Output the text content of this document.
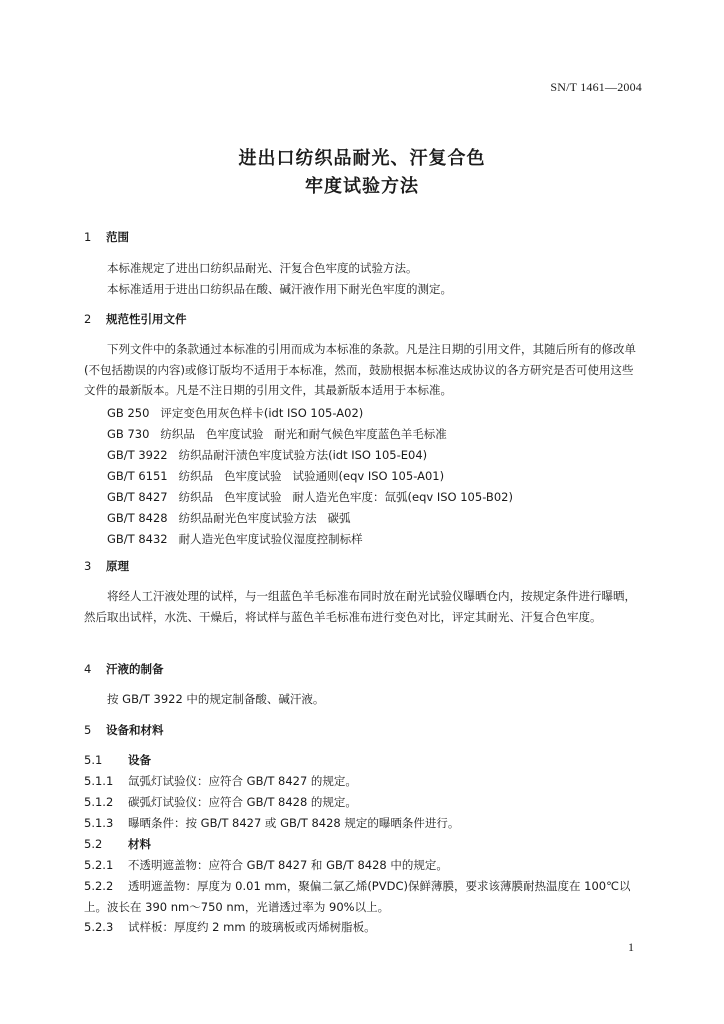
SN/T 1461—2004
进出口纺织品耐光、汗复合色
牢度试验方法
1 范围
本标准规定了进出口纺织品耐光、汗复合色牢度的试验方法。
本标准适用于进出口纺织品在酸、碱汗液作用下耐光色牢度的测定。
2 规范性引用文件
下列文件中的条款通过本标准的引用而成为本标准的条款。凡是注日期的引用文件，其随后所有的修改单(不包括勘误的内容)或修订版均不适用于本标准，然而，鼓励根据本标准达成协议的各方研究是否可使用这些文件的最新版本。凡是不注日期的引用文件，其最新版本适用于本标准。
GB 250   评定变色用灰色样卡(idt ISO 105-A02)
GB 730   纺织品   色牢度试验   耐光和耐气候色牢度蓝色羊毛标准
GB/T 3922   纺织品耐汗渍色牢度试验方法(idt ISO 105-E04)
GB/T 6151   纺织品   色牢度试验   试验通则(eqv ISO 105-A01)
GB/T 8427   纺织品   色牢度试验   耐人造光色牢度：氙弧(eqv ISO 105-B02)
GB/T 8428   纺织品耐光色牢度试验方法   碳弧
GB/T 8432   耐人造光色牢度试验仪湿度控制标样
3 原理
将经人工汗液处理的试样，与一组蓝色羊毛标准布同时放在耐光试验仪曝晒仓内，按规定条件进行曝晒，然后取出试样，水洗、干燥后，将试样与蓝色羊毛标准布进行变色对比，评定其耐光、汗复合色牢度。
4 汗液的制备
按 GB/T 3922 中的规定制备酸、碱汗液。
5 设备和材料
5.1 设备
5.1.1 氙弧灯试验仪：应符合 GB/T 8427 的规定。
5.1.2 碳弧灯试验仪：应符合 GB/T 8428 的规定。
5.1.3 曝晒条件：按 GB/T 8427 或 GB/T 8428 规定的曝晒条件进行。
5.2 材料
5.2.1 不透明遮盖物：应符合 GB/T 8427 和 GB/T 8428 中的规定。
5.2.2 透明遮盖物：厚度为 0.01 mm，聚偏二氯乙烯(PVDC)保鲜薄膜，要求该薄膜耐热温度在 100℃以上。波长在 390 nm～750 nm，光谱透过率为 90%以上。
5.2.3 试样板：厚度约 2 mm 的玻璃板或丙烯树脂板。
1
